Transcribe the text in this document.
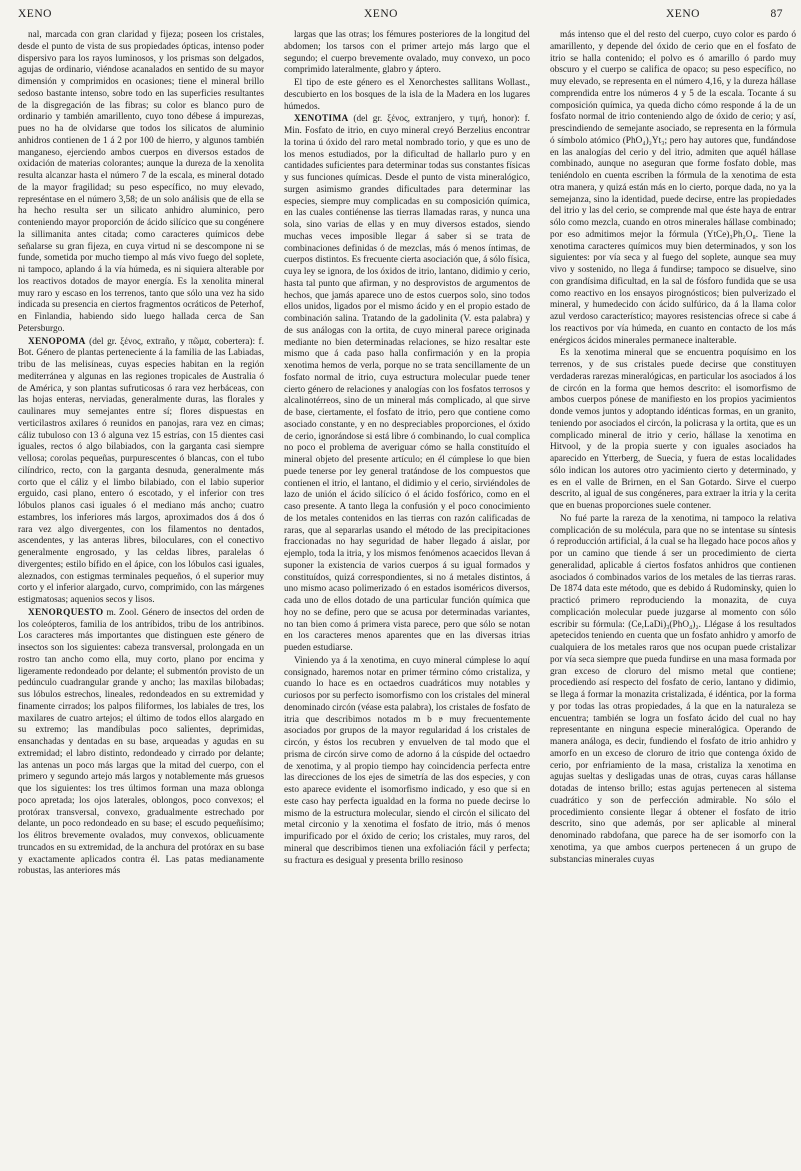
XENO	XENO	XENO	87

nal, marcada con gran claridad y fijeza; poseen los cristales, desde el punto de vista de sus propiedades ópticas, intenso poder dispersivo para los rayos luminosos, y los prismas son delgados, agujas de ordinario, viéndose acanalados en sentido de su mayor dimensión y comprimidos en ocasiones; tiene el mineral brillo sedoso bastante intenso, sobre todo en las superficies resultantes de la disgregación de las fibras; su color es blanco puro de ordinario y también amarillento, cuyo tono débese á impurezas, pues no ha de olvidarse que todos los silicatos de aluminio anhidros contienen de 1 á 2 por 100 de hierro, y algunos también manganeso, ejerciendo ambos cuerpos en diversos estados de oxidación de materias colorantes; aunque la dureza de la xenolita resulta alcanzar hasta el número 7 de la escala, es mineral dotado de la mayor fragilidad; su peso específico, no muy elevado, represéntase en el número 3,58; de un solo análisis que de ella se ha hecho resulta ser un silicato anhidro aluminico, pero conteniendo mayor proporción de ácido silícico que su congénere la sillimanita antes citada; como caracteres químicos debe señalarse su gran fijeza, en cuya virtud ni se descompone ni se funde, sometida por mucho tiempo al más vivo fuego del soplete, ni tampoco, aplando á la vía húmeda, es ni siquiera alterable por los reactivos dotados de mayor energía. Es la xenolita mineral muy raro y escaso en los terrenos, tanto que sólo una vez ha sido indicada su presencia en ciertos fragmentos ocráticos de Peterhof, en Finlandia, habiendo sido luego hallada cerca de San Petersburgo.

XENOPOMA (del gr. ξένος, extraño, y πῶμα, cobertera): f. Bot. Género de plantas perteneciente á la familia de las Labiadas, tribu de las melisíneas, cuyas especies habitan en la región mediterránea y algunas en las regiones tropicales de Australia ó de América, y son plantas sufruticosas ó rara vez herbáceas, con las hojas enteras, nerviadas, generalmente duras, las florales y caulinares muy semejantes entre sí; flores dispuestas en verticilastros axilares ó reunidos en panojas, rara vez en cimas; cáliz tubuloso con 13 ó alguna vez 15 estrías, con 15 dientes casi iguales, rectos ó algo bilabiados, con la garganta casi siempre vellosa; corolas pequeñas, purpurescentes ó blancas, con el tubo cilíndrico, recto, con la garganta desnuda, generalmente más corto que el cáliz y el limbo bilabiado, con el labio superior erguido, casi plano, entero ó escotado, y el inferior con tres lóbulos planos casi iguales ó el mediano más ancho; cuatro estambres, los inferiores más largos, aproximados dos á dos ó rara vez algo divergentes, con los filamentos no dentados, ascendentes, y las anteras libres, biloculares, con el conectivo generalmente engrosado, y las celdas libres, paralelas ó divergentes; estilo bífido en el ápice, con los lóbulos casi iguales, aleznados, con estigmas terminales pequeños, ó el superior muy corto y el inferior alargado, curvo, comprimido, con las márgenes estigmatosas; aquenios secos y lisos.

XENORQUESTO m. Zool. Género de insectos del orden de los coleópteros, familia de los antríbidos, tribu de los antribinos. Los caracteres más importantes que distinguen este género de insectos son los siguientes: cabeza transversal, prolongada en un rostro tan ancho como ella, muy corto, plano por encima y ligeramente redondeado por delante; el submentón provisto de un pedúnculo cuadrangular grande y ancho; las maxilas bilobadas; sus lóbulos estrechos, lineales, redondeados en su extremidad y finamente cirrados; los palpos filiformes, los labiales de tres, los maxilares de cuatro artejos; el último de todos ellos alargado en su extremo; las mandíbulas poco salientes, deprimidas, ensanchadas y dentadas en su base, arqueadas y agudas en su extremidad; el labro distinto, redondeado y cirrado por delante; las antenas un poco más largas que la mitad del cuerpo, con el primero y segundo artejo más largos y notablemente más gruesos que los siguientes: los tres últimos forman una maza oblonga poco apretada; los ojos laterales, oblongos, poco convexos; el protórax transversal, convexo, gradualmente estrechado por delante, un poco redondeado en su base; el escudo pequeñísimo; los élitros brevemente ovalados, muy convexos, oblicuamente truncados en su extremidad, de la anchura del protórax en su base y exactamente aplicados contra él. Las patas medianamente robustas, las anteriores más

largas que las otras; los fémures posteriores de la longitud del abdomen; los tarsos con el primer artejo más largo que el segundo; el cuerpo brevemente ovalado, muy convexo, un poco comprimido lateralmente, glabro y áptero.

El tipo de este género es el Xenorchestes sallitans Wollast., descubierto en los bosques de la isla de la Madera en los lugares húmedos.

XENOTIMA (del gr. ξένος, extranjero, y τιμή, honor): f. Min. Fosfato de itrio, en cuyo mineral creyó Berzelius encontrar la torina ú óxido del raro metal nombrado torio, y que es uno de los menos estudiados, por la dificultad de hallarlo puro y en cantidades suficientes para determinar todas sus constantes físicas y sus funciones químicas. Desde el punto de vista mineralógico, surgen asimismo grandes dificultades para determinar las especies, siempre muy complicadas en su composición química, en las cuales contiénense las tierras llamadas raras, y nunca una sola, sino varias de ellas y en muy diversos estados, siendo muchas veces imposible llegar á saber si se trata de combinaciones definidas ó de mezclas, más ó menos íntimas, de cuerpos distintos. Es frecuente cierta asociación que, á sólo física, cuya ley se ignora, de los óxidos de itrio, lantano, didimio y cerio, hasta tal punto que afirman, y no desprovistos de argumentos de hechos, que jamás aparece uno de estos cuerpos solo, sino todos ellos unidos, ligados por el mismo ácido y en el propio estado de combinación salina. Tratando de la gadolinita (V. esta palabra) y de sus análogas con la ortita, de cuyo mineral parece originada mediante no bien determinadas relaciones, se hizo resaltar este mismo que á cada paso halla confirmación y en la propia xenotima hemos de verla, porque no se trata sencillamente de un fosfato normal de itrio, cuya estructura molecular puede tener cierto género de relaciones y analogías con los fosfatos terrosos y alcalinotérreos, sino de un mineral más complicado, al que sirve de base, ciertamente, el fosfato de itrio, pero que contiene como asociado constante, y en no despreciables proporciones, el óxido de cerio, ignorándose si está libre ó combinando, lo cual complica no poco el problema de averiguar cómo se halla constituído el mineral objeto del presente artículo; en él cúmplese lo que bien puede tenerse por ley general tratándose de los compuestos que contienen el itrio, el lantano, el didimio y el cerio, sirviéndoles de lazo de unión el ácido silícico ó el ácido fosfórico, como en el caso presente. A tanto llega la confusión y el poco conocimiento de los metales contenidos en las tierras con razón calificadas de raras, que al separarlas usando el método de las precipitaciones fraccionadas no hay seguridad de haber llegado á aislar, por ejemplo, toda la itria, y los mismos fenómenos acaecidos llevan á suponer la existencia de varios cuerpos á su igual formados y constituídos, quizá correspondientes, si no á metales distintos, á uno mismo acaso polimerizado ó en estados isoméricos diversos, cada uno de ellos dotado de una particular función química que hoy no se define, pero que se acusa por determinadas variantes, no tan bien como á primera vista parece, pero que sólo se notan en los caracteres menos aparentes que en las diversas itrias pueden estudiarse.

Viniendo ya á la xenotima, en cuyo mineral cúmplese lo aquí consignado, haremos notar en primer término cómo cristaliza, y cuando lo hace es en octaedros cuadráticos muy notables y curiosos por su perfecto isomorfismo con los cristales del mineral denominado circón (véase esta palabra), los cristales de fosfato de itria que describimos notados m b 𝔳 muy frecuentemente asociados por grupos de la mayor regularidad á los cristales de circón, y éstos los recubren y envuelven de tal modo que el prisma de circón sirve como de adorno á la cúspide del octaedro de xenotima, y al propio tiempo hay coincidencia perfecta entre las direcciones de los ejes de simetría de las dos especies, y con esto aparece evidente el isomorfismo indicado, y eso que si en este caso hay perfecta igualdad en la forma no puede decirse lo mismo de la estructura molecular, siendo el circón el silicato del metal circonio y la xenotima el fosfato de itrio, más ó menos impurificado por el óxido de cerio; los cristales, muy raros, del mineral que describimos tienen una exfoliación fácil y perfecta; su fractura es desigual y presenta brillo resinoso

más intenso que el del resto del cuerpo, cuyo color es pardo ó amarillento, y depende del óxido de cerio que en el fosfato de itrio se halla contenido; el polvo es ó amarillo ó pardo muy obscuro y el cuerpo se califica de opaco; su peso específico, no muy elevado, se representa en el número 4,16, y la dureza hállase comprendida entre los números 4 y 5 de la escala. Tocante á su composición química, ya queda dicho cómo responde á la de un fosfato normal de itrio conteniendo algo de óxido de cerio; y así, prescindiendo de semejante asociado, se representa en la fórmula ó símbolo atómico (PhO₄)₂Yt₃; pero hay autores que, fundándose en las analogías del cerio y del itrio, admiten que aquél hállase combinado, aunque no aseguran que forme fosfato doble, mas teniéndolo en cuenta escriben la fórmula de la xenotima de esta otra manera, y quizá están más en lo cierto, porque dada, no ya la semejanza, sino la identidad, puede decirse, entre las propiedades del itrio y las del cerio, se comprende mal que éste haya de entrar sólo como mezcla, cuando en otros minerales hállase combinado; por eso admitimos mejor la fórmula (YtCe)₃Ph₂O₈. Tiene la xenotima caracteres químicos muy bien determinados, y son los siguientes: por vía seca y al fuego del soplete, aunque sea muy vivo y sostenido, no llega á fundirse; tampoco se disuelve, sino con grandísima dificultad, en la sal de fósforo fundida que se usa como reactivo en los ensayos pirognósticos; bien pulverizado el mineral, y humedecido con ácido sulfúrico, da á la llama color azul verdoso característico; mayores resistencias ofrece si cabe á los reactivos por vía húmeda, en cuanto en contacto de los más enérgicos ácidos minerales permanece inalterable.

Es la xenotima mineral que se encuentra poquísimo en los terrenos, y de sus cristales puede decirse que constituyen verdaderas rarezas mineralógicas, en particular los asociados á los de circón en la forma que hemos descrito: el isomorfismo de ambos cuerpos pónese de manifiesto en los propios yacimientos donde vemos juntos y adoptando idénticas formas, en un granito, teniendo por asociados el circón, la policrasa y la ortita, que es un complicado mineral de itrio y cerio, hállase la xenotima en Hitvool, y de la propia suerte y con iguales asociados ha aparecido en Ytterberg, de Suecia, y fuera de estas localidades sólo indican los autores otro yacimiento cierto y determinado, y es en el valle de Brirnen, en el San Gotardo. Sirve el cuerpo descrito, al igual de sus congéneres, para extraer la itria y la cerita que en buenas proporciones suele contener.

No fué parte la rareza de la xenotima, ni tampoco la relativa complicación de su molécula, para que no se intentase su síntesis ó reproducción artificial, á la cual se ha llegado hace pocos años y por un camino que tiende á ser un procedimiento de cierta generalidad, aplicable á ciertos fosfatos anhidros que contienen asociados ó combinados varios de los metales de las tierras raras. De 1874 data este método, que es debido á Rudominsky, quien lo practicó primero reproduciendo la monazita, de cuya complicación molecular puede juzgarse al momento con sólo escribir su fórmula: (Ce,LaDi)₃(PhO₄)₂. Llégase á los resultados apetecidos teniendo en cuenta que un fosfato anhidro y amorfo de cualquiera de los metales raros que nos ocupan puede cristalizar por vía seca siempre que pueda fundirse en una masa formada por gran exceso de cloruro del mismo metal que contiene; procediendo así respecto del fosfato de cerio, lantano y didimio, se llega á formar la monazita cristalizada, é idéntica, por la forma y por todas las otras propiedades, á la que en la naturaleza se encuentra; también se logra un fosfato ácido del cual no hay representante en ninguna especie mineralógica. Operando de manera análoga, es decir, fundiendo el fosfato de itrio anhidro y amorfo en un exceso de cloruro de itrio que contenga óxido de cerio, por enfriamiento de la masa, cristaliza la xenotima en agujas sueltas y desligadas unas de otras, cuyas caras hállanse dotadas de intenso brillo; estas agujas pertenecen al sistema cuadrático y son de perfección admirable. No sólo el procedimiento consiente llegar á obtener el fosfato de itrio descrito, sino que además, por ser aplicable al mineral denominado rabdofana, que parece ha de ser isomorfo con la xenotima, ya que ambos cuerpos pertenecen á un grupo de substancias minerales cuyas
